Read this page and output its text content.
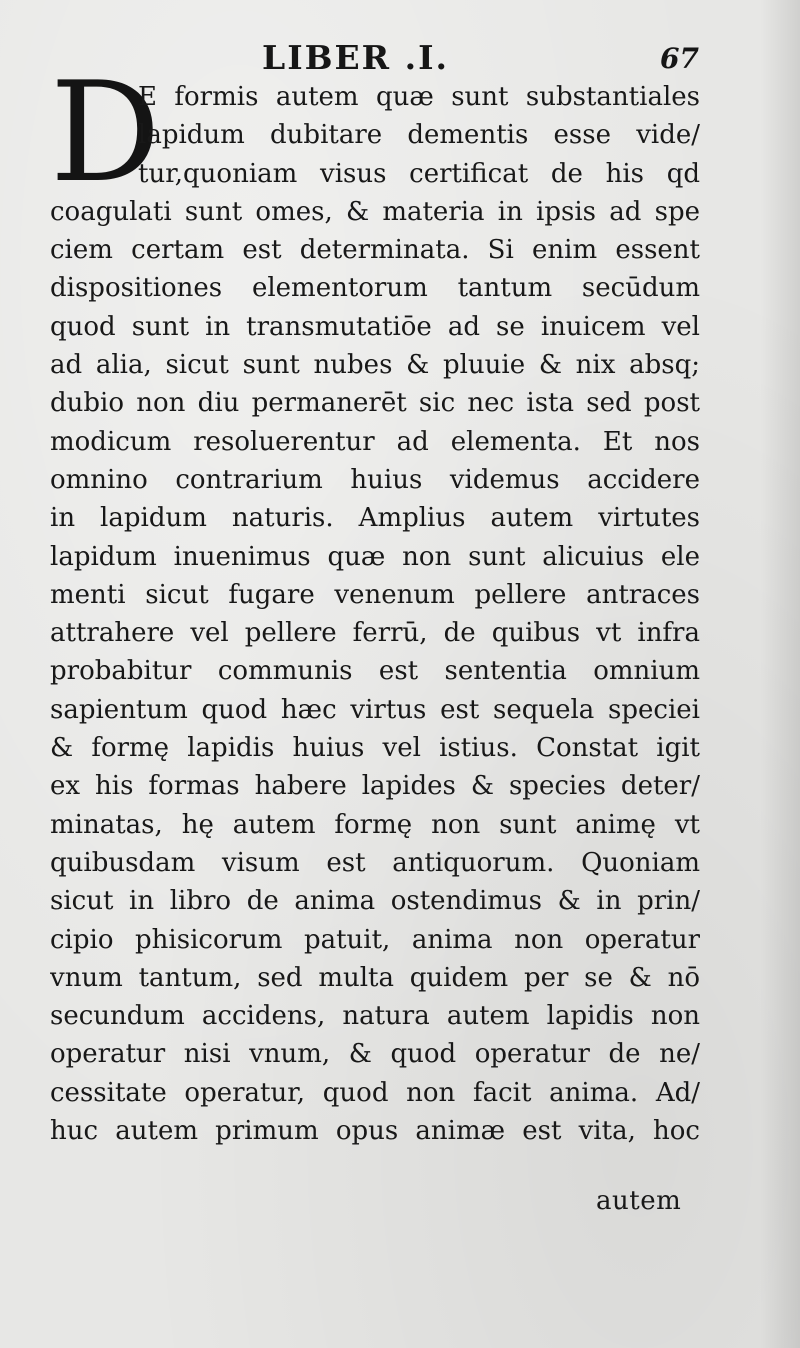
LIBER .I.	67
D
E formis autem quæ sunt substantiales
lapidum dubitare dementis esse vide/
tur,quoniam visus certificat de his qd
coagulati sunt omes, & materia in ipsis ad spe
ciem certam est determinata. Si enim essent
dispositiones elementorum tantum secūdum
quod sunt in transmutatiōe ad se inuicem vel
ad alia, sicut sunt nubes & pluuie & nix absq;
dubio non diu permanerēt sic nec ista sed post
modicum resoluerentur ad elementa. Et nos
omnino contrarium huius videmus accidere
in lapidum naturis. Amplius autem virtutes
lapidum inuenimus quæ non sunt alicuius ele
menti sicut fugare venenum pellere antraces
attrahere vel pellere ferrū, de quibus vt infra
probabitur communis est sententia omnium
sapientum quod hæc virtus est sequela speciei
& formę lapidis huius vel istius. Constat igit
ex his formas habere lapides & species deter/
minatas, hę autem formę non sunt animę vt
quibusdam visum est antiquorum. Quoniam
sicut in libro de anima ostendimus & in prin/
cipio phisicorum patuit, anima non operatur
vnum tantum, sed multa quidem per se & nō
secundum accidens, natura autem lapidis non
operatur nisi vnum, & quod operatur de ne/
cessitate operatur, quod non facit anima. Ad/
huc autem primum opus animæ est vita, hoc
autem
